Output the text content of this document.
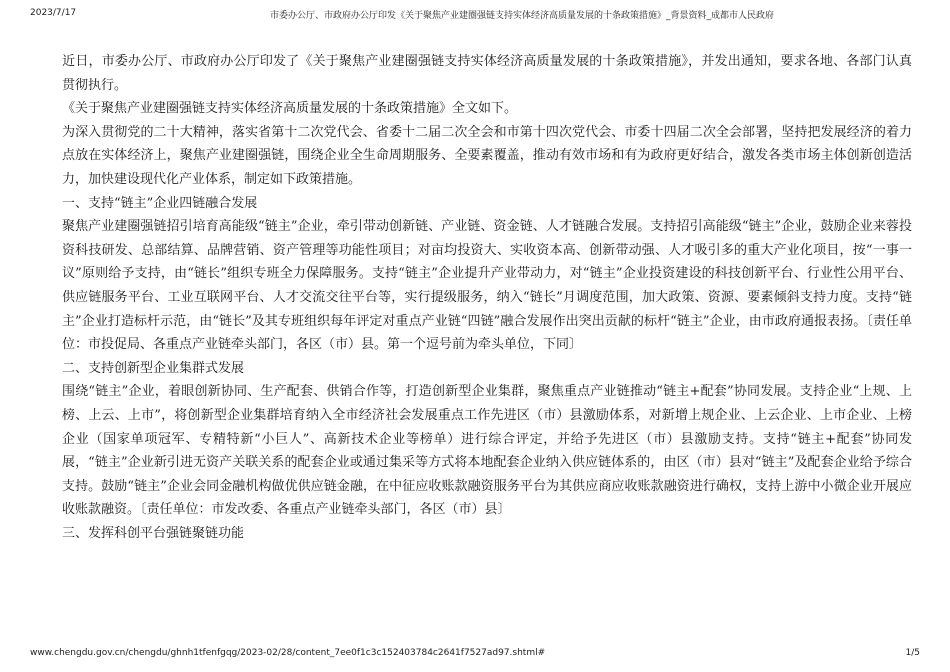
2023/7/17	市委办公厅、市政府办公厅印发《关于聚焦产业建圈强链支持实体经济高质量发展的十条政策措施》_背景资料_成都市人民政府

近日，市委办公厅、市政府办公厅印发了《关于聚焦产业建圈强链支持实体经济高质量发展的十条政策措施》，并发出通知，要求各地、各部门认真贯彻执行。

《关于聚焦产业建圈强链支持实体经济高质量发展的十条政策措施》全文如下。

为深入贯彻党的二十大精神，落实省第十二次党代会、省委十二届二次全会和市第十四次党代会、市委十四届二次全会部署，坚持把发展经济的着力点放在实体经济上，聚焦产业建圈强链，围绕企业全生命周期服务、全要素覆盖，推动有效市场和有为政府更好结合，激发各类市场主体创新创造活力，加快建设现代化产业体系，制定如下政策措施。

一、支持“链主”企业四链融合发展

聚焦产业建圈强链招引培育高能级“链主”企业，牵引带动创新链、产业链、资金链、人才链融合发展。支持招引高能级“链主”企业，鼓励企业来蓉投资科技研发、总部结算、品牌营销、资产管理等功能性项目；对亩均投资大、实收资本高、创新带动强、人才吸引多的重大产业化项目，按“一事一议”原则给予支持，由“链长”组织专班全力保障服务。支持“链主”企业提升产业带动力，对“链主”企业投资建设的科技创新平台、行业性公用平台、供应链服务平台、工业互联网平台、人才交流交往平台等，实行提级服务，纳入“链长”月调度范围，加大政策、资源、要素倾斜支持力度。支持“链主”企业打造标杆示范，由“链长”及其专班组织每年评定对重点产业链“四链”融合发展作出突出贡献的标杆“链主”企业，由市政府通报表扬。〔责任单位：市投促局、各重点产业链牵头部门，各区（市）县。第一个逗号前为牵头单位，下同〕

二、支持创新型企业集群式发展

围绕“链主”企业，着眼创新协同、生产配套、供销合作等，打造创新型企业集群，聚焦重点产业链推动“链主+配套”协同发展。支持企业“上规、上榜、上云、上市”，将创新型企业集群培育纳入全市经济社会发展重点工作先进区（市）县激励体系，对新增上规企业、上云企业、上市企业、上榜企业（国家单项冠军、专精特新“小巨人”、高新技术企业等榜单）进行综合评定，并给予先进区（市）县激励支持。支持“链主+配套”协同发展，“链主”企业新引进无资产关联关系的配套企业或通过集采等方式将本地配套企业纳入供应链体系的，由区（市）县对“链主”及配套企业给予综合支持。鼓励“链主”企业会同金融机构做优供应链金融，在中征应收账款融资服务平台为其供应商应收账款融资进行确权，支持上游中小微企业开展应收账款融资。〔责任单位：市发改委、各重点产业链牵头部门，各区（市）县〕

三、发挥科创平台强链聚链功能

www.chengdu.gov.cn/chengdu/ghnh1tfenfgqg/2023-02/28/content_7ee0f1c3c152403784c2641f7527ad97.shtml#	1/5
